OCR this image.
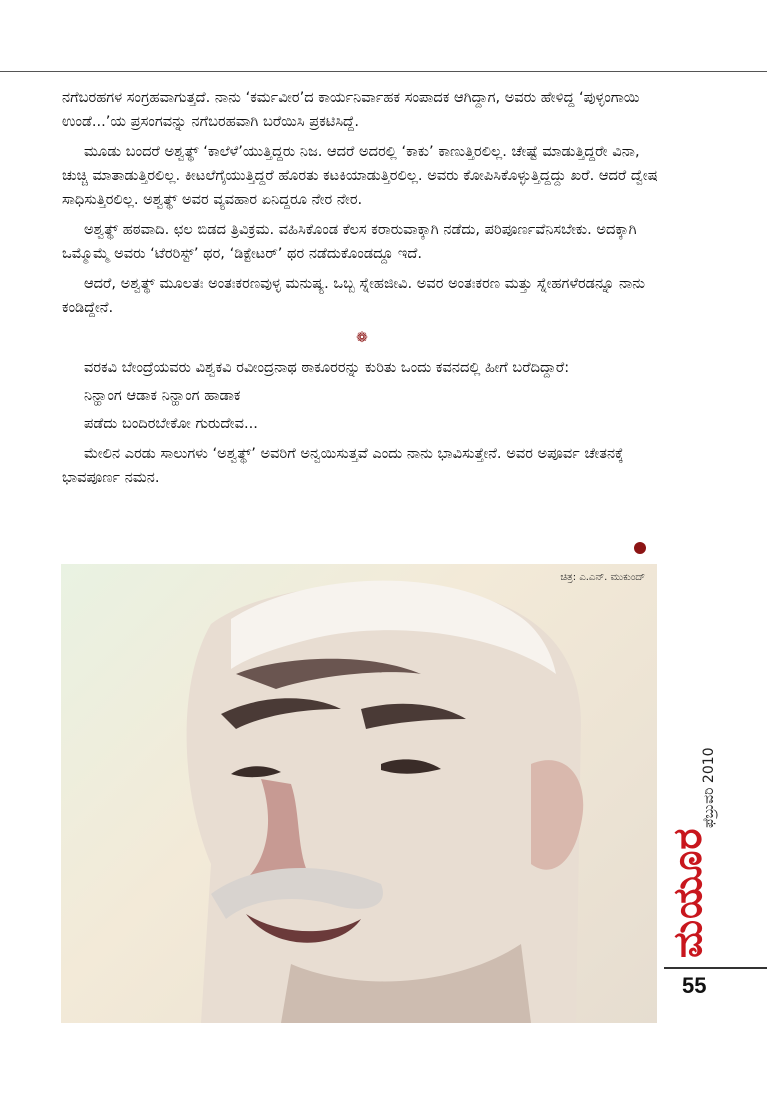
ನಗೆಬರಹಗಳ ಸಂಗ್ರಹವಾಗುತ್ತದೆ. ನಾನು ‘ಕರ್ಮವೀರ’ದ ಕಾರ್ಯನಿರ್ವಾಹಕ ಸಂಪಾದಕ ಆಗಿದ್ದಾಗ, ಅವರು ಹೇಳಿದ್ದ ‘ಪುಳ್ಳಂಗಾಯಿ ಉಂಡೆ...’ಯ ಪ್ರಸಂಗವನ್ನು ನಗೆಬರಹವಾಗಿ ಬರೆಯಿಸಿ ಪ್ರಕಟಿಸಿದ್ದೆ.

ಮೂಡು ಬಂದರೆ ಅಶ್ವತ್ಥ್ ‘ಕಾಲೆಳೆ’ಯುತ್ತಿದ್ದರು ನಿಜ. ಆದರೆ ಅದರಲ್ಲಿ ‘ಕಾಕು’ ಕಾಣುತ್ತಿರಲಿಲ್ಲ. ಚೇಷ್ಟೆ ಮಾಡುತ್ತಿದ್ದರೇ ವಿನಾ, ಚುಚ್ಚಿ ಮಾತಾಡುತ್ತಿರಲಿಲ್ಲ. ಕೀಟಲೆಗೈಯುತ್ತಿದ್ದರೆ ಹೊರತು ಕಟಕಿಯಾಡುತ್ತಿರಲಿಲ್ಲ. ಅವರು ಕೋಪಿಸಿಕೊಳ್ಳುತ್ತಿದ್ದದ್ದು ಖರೆ. ಆದರೆ ದ್ವೇಷ ಸಾಧಿಸುತ್ತಿರಲಿಲ್ಲ. ಅಶ್ವತ್ಥ್ ಅವರ ವ್ಯವಹಾರ ಏನಿದ್ದರೂ ನೇರ ನೇರ.

ಅಶ್ವತ್ಥ್ ಹಠವಾದಿ. ಛಲ ಬಿಡದ ತ್ರಿವಿಕ್ರಮ. ವಹಿಸಿಕೊಂಡ ಕೆಲಸ ಕರಾರುವಾಕ್ಕಾಗಿ ನಡೆದು, ಪರಿಪೂರ್ಣವೆನಿಸಬೇಕು. ಅದಕ್ಕಾಗಿ ಒಮ್ಮೊಮ್ಮೆ ಅವರು ‘ಟೆರರಿಸ್ಟ್’ ಥರ, ‘ಡಿಕ್ಟೇಟರ್’ ಥರ ನಡೆದುಕೊಂಡದ್ದೂ ಇದೆ.

ಆದರೆ, ಅಶ್ವತ್ಥ್ ಮೂಲತಃ ಅಂತಃಕರಣವುಳ್ಳ ಮನುಷ್ಯ. ಒಬ್ಬ ಸ್ನೇಹಜೀವಿ. ಅವರ ಅಂತಃಕರಣ ಮತ್ತು ಸ್ನೇಹಗಳೆರಡನ್ನೂ ನಾನು ಕಂಡಿದ್ದೇನೆ.

❁

ವರಕವಿ ಬೇಂದ್ರೆಯವರು ವಿಶ್ವಕವಿ ರವೀಂದ್ರನಾಥ ಠಾಕೂರರನ್ನು ಕುರಿತು ಒಂದು ಕವನದಲ್ಲಿ ಹೀಗೆ ಬರೆದಿದ್ದಾರೆ:

ನಿನ್ಹಾಂಗ ಆಡಾಕ ನಿನ್ಹಾಂಗ ಹಾಡಾಕ

ಪಡೆದು ಬಂದಿರಬೇಕೋ ಗುರುದೇವ...

ಮೇಲಿನ ಎರಡು ಸಾಲುಗಳು ‘ಅಶ್ವತ್ಥ್’ ಅವರಿಗೆ ಅನ್ವಯಿಸುತ್ತವೆ ಎಂದು ನಾನು ಭಾವಿಸುತ್ತೇನೆ. ಅವರ ಅಪೂರ್ವ ಚೇತನಕ್ಕೆ ಭಾವಪೂರ್ಣ ನಮನ.

ಚಿತ್ರ: ಎ.ಎನ್. ಮುಕುಂದ್
ಮಯೂರ
ಫೆಬ್ರುವರಿ 2010
55
